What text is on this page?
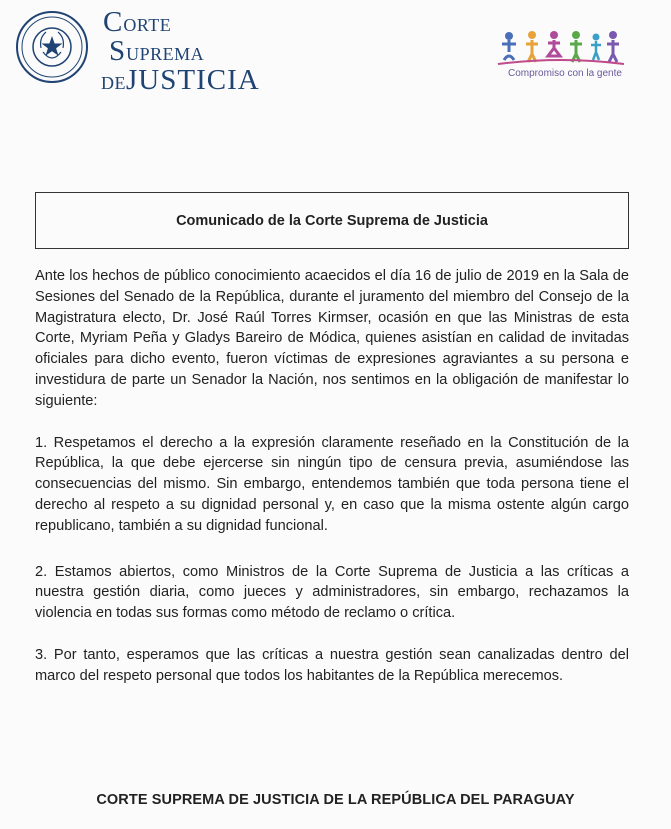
CORTE
SUPREMA
DEJUSTICIA	Compromiso con la gente
Comunicado de la Corte Suprema de Justicia

Ante los hechos de público conocimiento acaecidos el día 16 de julio de 2019 en la Sala de Sesiones del Senado de la República, durante el juramento del miembro del Consejo de la Magistratura electo, Dr. José Raúl Torres Kirmser, ocasión en que las Ministras de esta Corte, Myriam Peña y Gladys Bareiro de Módica, quienes asistían en calidad de invitadas oficiales para dicho evento, fueron víctimas de expresiones agraviantes a su persona e investidura de parte un Senador la Nación, nos sentimos en la obligación de manifestar lo siguiente:

1. Respetamos el derecho a la expresión claramente reseñado en la Constitución de la República, la que debe ejercerse sin ningún tipo de censura previa, asumiéndose las consecuencias del mismo. Sin embargo, entendemos también que toda persona tiene el derecho al respeto a su dignidad personal y, en caso que la misma ostente algún cargo republicano, también a su dignidad funcional.

2. Estamos abiertos, como Ministros de la Corte Suprema de Justicia a las críticas a nuestra gestión diaria, como jueces y administradores, sin embargo, rechazamos la violencia en todas sus formas como método de reclamo o crítica.

3. Por tanto, esperamos que las críticas a nuestra gestión sean canalizadas dentro del marco del respeto personal que todos los habitantes de la República merecemos.

CORTE SUPREMA DE JUSTICIA DE LA REPÚBLICA DEL PARAGUAY
